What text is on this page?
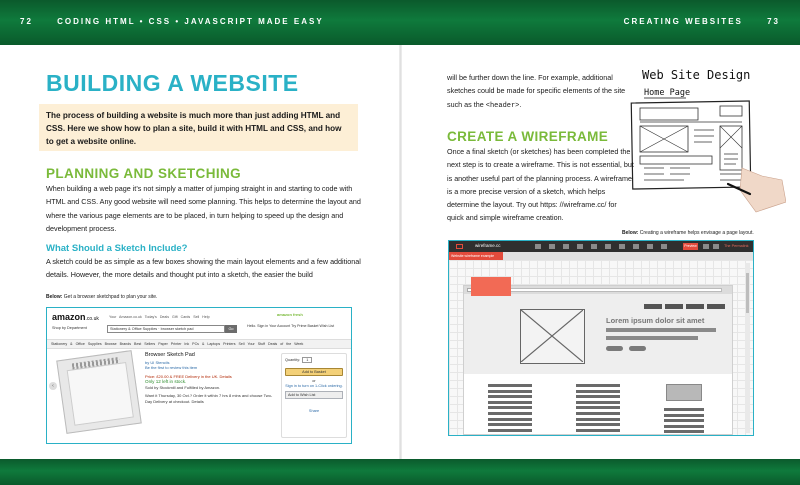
72	CODING HTML • CSS • JAVASCRIPT MADE EASY	CREATING WEBSITES	73
BUILDING A WEBSITE

The process of building a website is much more than just adding HTML and CSS. Here we show how to plan a site, build it with HTML and CSS, and how to get a website online.

PLANNING AND SKETCHING

When building a web page it’s not simply a matter of jumping straight in and starting to code with HTML and CSS. Any good website will need some planning. This helps to determine the layout and where the various page elements are to be placed, in turn helping to speed up the design and development process.

What Should a Sketch Include?

A sketch could be as simple as a few boxes showing the main layout elements and a few additional details. However, the more details and thought put into a sketch, the easier the build

Below: Get a browser sketchpad to plan your site.
amazon.co.uk	Your Amazon.co.uk Today's Deals Gift Cards Sell Help	amazon fresh
Shop by Department	Stationery & Office Supplies · browser sketch pad	Go
Hello. Sign in Your Account Try Prime Basket Wish List
Stationery & Office Supplies Browse Brands Best Sellers Paper Printer Ink PCs & Laptops Printers Sell Your Stuff Deals of the Week
‹
Browser Sketch Pad
by UI Stencils
Be the first to review this item
Price: £20.00 & FREE Delivery in the UK. Details
Only 12 left in stock.
Sold by Stockmill and Fulfilled by Amazon.
Want it Thursday, 30 Oct.? Order it within 7 hrs 8 mins and choose Two-Day Delivery at checkout. Details
Quantity: 1
Add to Basket
or
Sign in to turn on 1-Click ordering.
Add to Wish List
Share

will be further down the line. For example, additional sketches could be made for specific elements of the site such as the <header>.

Web Site Design
Home Page
CREATE A WIREFRAME

Once a final sketch (or sketches) has been completed the next step is to create a wireframe. This is not essential, but is another useful part of the planning process. A wireframe is a more precise version of a sketch, which helps determine the layout. Try out https: //wireframe.cc/ for quick and simple wireframe creation.

Below: Creating a wireframe helps envisage a page layout.
wireframe.cc	Preview	The Permalink
Website wireframe example
Lorem ipsum dolor sit amet
